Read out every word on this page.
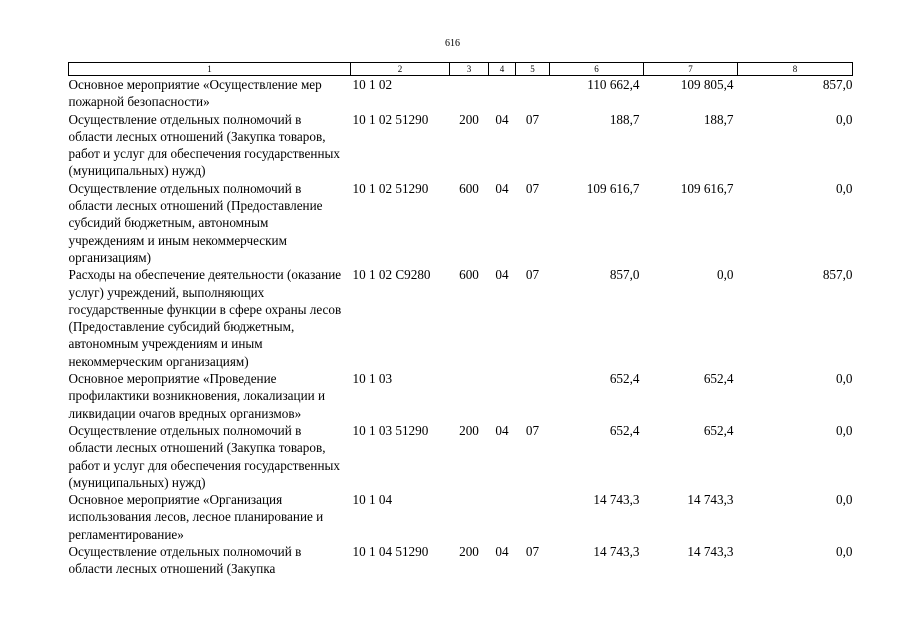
616
1	2	3	4	5	6	7	8
Основное мероприятие «Осуществление мер пожарной безопасности»	10 1 02				110 662,4	109 805,4	857,0
Осуществление отдельных полномочий в области лесных отношений (Закупка товаров, работ и услуг для обеспечения государственных (муниципальных) нужд)	10 1 02 51290	200	04	07	188,7	188,7	0,0
Осуществление отдельных полномочий в области лесных отношений (Предоставление субсидий бюджетным, автономным учреждениям и иным некоммерческим организациям)	10 1 02 51290	600	04	07	109 616,7	109 616,7	0,0
Расходы на обеспечение деятельности (оказание услуг) учреждений, выполняющих государственные функции в сфере охраны лесов (Предоставление субсидий бюджетным, автономным учреждениям и иным некоммерческим организациям)	10 1 02 С9280	600	04	07	857,0	0,0	857,0
Основное мероприятие «Проведение профилактики возникновения, локализации и ликвидации очагов вредных организмов»	10 1 03				652,4	652,4	0,0
Осуществление отдельных полномочий в области лесных отношений (Закупка товаров, работ и услуг для обеспечения государственных (муниципальных) нужд)	10 1 03 51290	200	04	07	652,4	652,4	0,0
Основное мероприятие «Организация использования лесов, лесное планирование и регламентирование»	10 1 04				14 743,3	14 743,3	0,0
Осуществление отдельных полномочий в области лесных отношений (Закупка	10 1 04 51290	200	04	07	14 743,3	14 743,3	0,0
